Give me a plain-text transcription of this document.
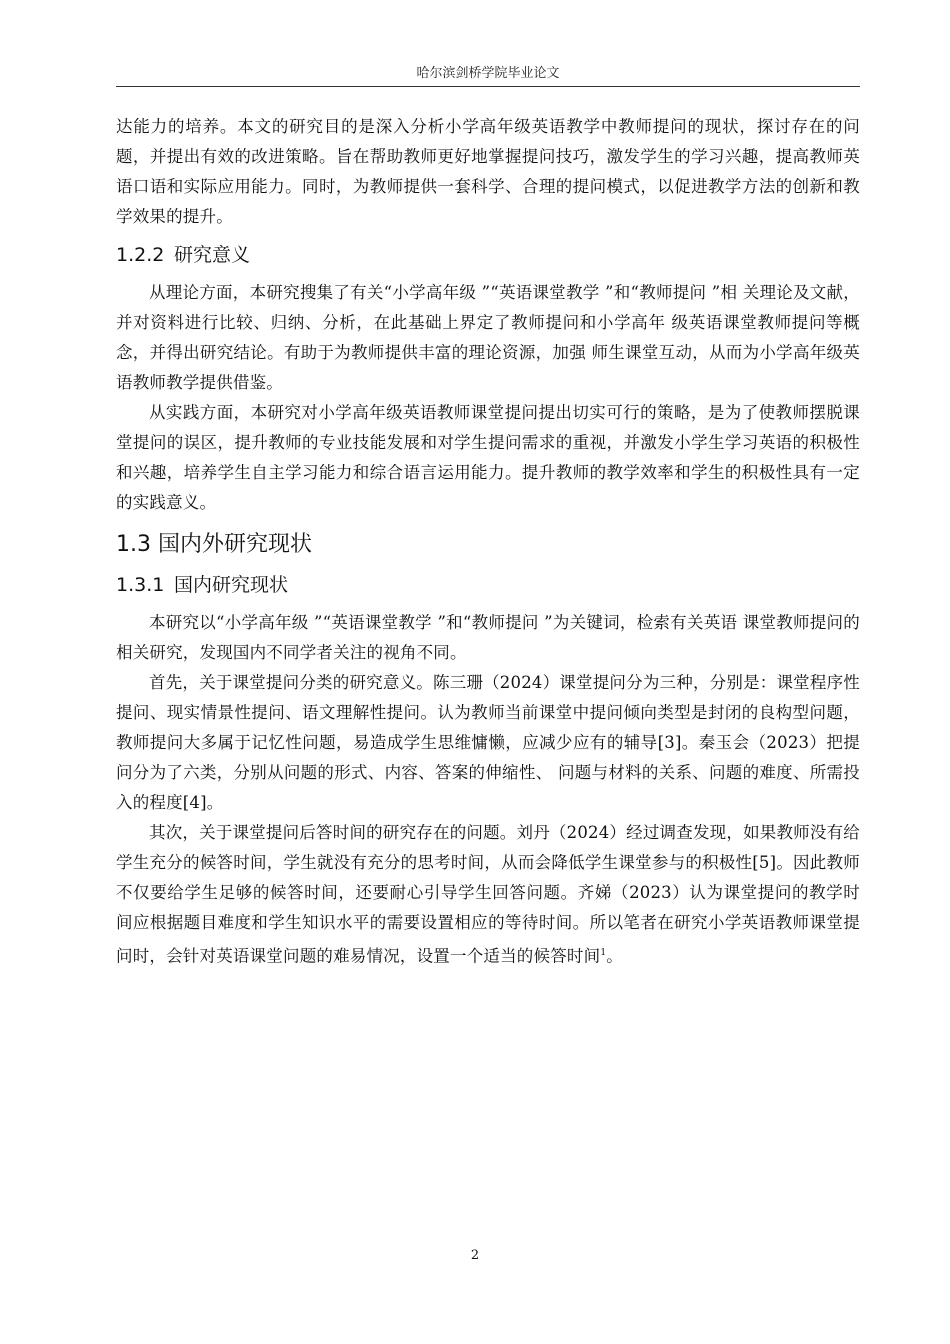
哈尔滨剑桥学院毕业论文

达能力的培养。本文的研究目的是深入分析小学高年级英语教学中教师提问的现状，探讨存在的问题，并提出有效的改进策略。旨在帮助教师更好地掌握提问技巧，激发学生的学习兴趣，提高教师英语口语和实际应用能力。同时，为教师提供一套科学、合理的提问模式，以促进教学方法的创新和教学效果的提升。

1.2.2 研究意义

从理论方面，本研究搜集了有关“小学高年级 ”“英语课堂教学 ”和“教师提问 ”相 关理论及文献，并对资料进行比较、归纳、分析，在此基础上界定了教师提问和小学高年 级英语课堂教师提问等概念，并得出研究结论。有助于为教师提供丰富的理论资源，加强 师生课堂互动，从而为小学高年级英语教师教学提供借鉴。

从实践方面，本研究对小学高年级英语教师课堂提问提出切实可行的策略，是为了使教师摆脱课堂提问的误区，提升教师的专业技能发展和对学生提问需求的重视，并激发小学生学习英语的积极性和兴趣，培养学生自主学习能力和综合语言运用能力。提升教师的教学效率和学生的积极性具有一定的实践意义。

1.3 国内外研究现状
1.3.1 国内研究现状

本研究以“小学高年级 ”“英语课堂教学 ”和“教师提问 ”为关键词，检索有关英语 课堂教师提问的相关研究，发现国内不同学者关注的视角不同。

首先，关于课堂提问分类的研究意义。陈三珊（2024）课堂提问分为三种，分别是：课堂程序性提问、现实情景性提问、语文理解性提问。认为教师当前课堂中提问倾向类型是封闭的良构型问题，教师提问大多属于记忆性问题，易造成学生思维慵懒，应减少应有的辅导[3]。秦玉会（2023）把提问分为了六类，分别从问题的形式、内容、答案的伸缩性、 问题与材料的关系、问题的难度、所需投入的程度[4]。

其次，关于课堂提问后答时间的研究存在的问题。刘丹（2024）经过调查发现，如果教师没有给学生充分的候答时间，学生就没有充分的思考时间，从而会降低学生课堂参与的积极性[5]。因此教师不仅要给学生足够的候答时间，还要耐心引导学生回答问题。齐娣（2023）认为课堂提问的教学时间应根据题目难度和学生知识水平的需要设置相应的等待时间。所以笔者在研究小学英语教师课堂提问时，会针对英语课堂问题的难易情况，设置一个适当的候答时间$^1$。

2
